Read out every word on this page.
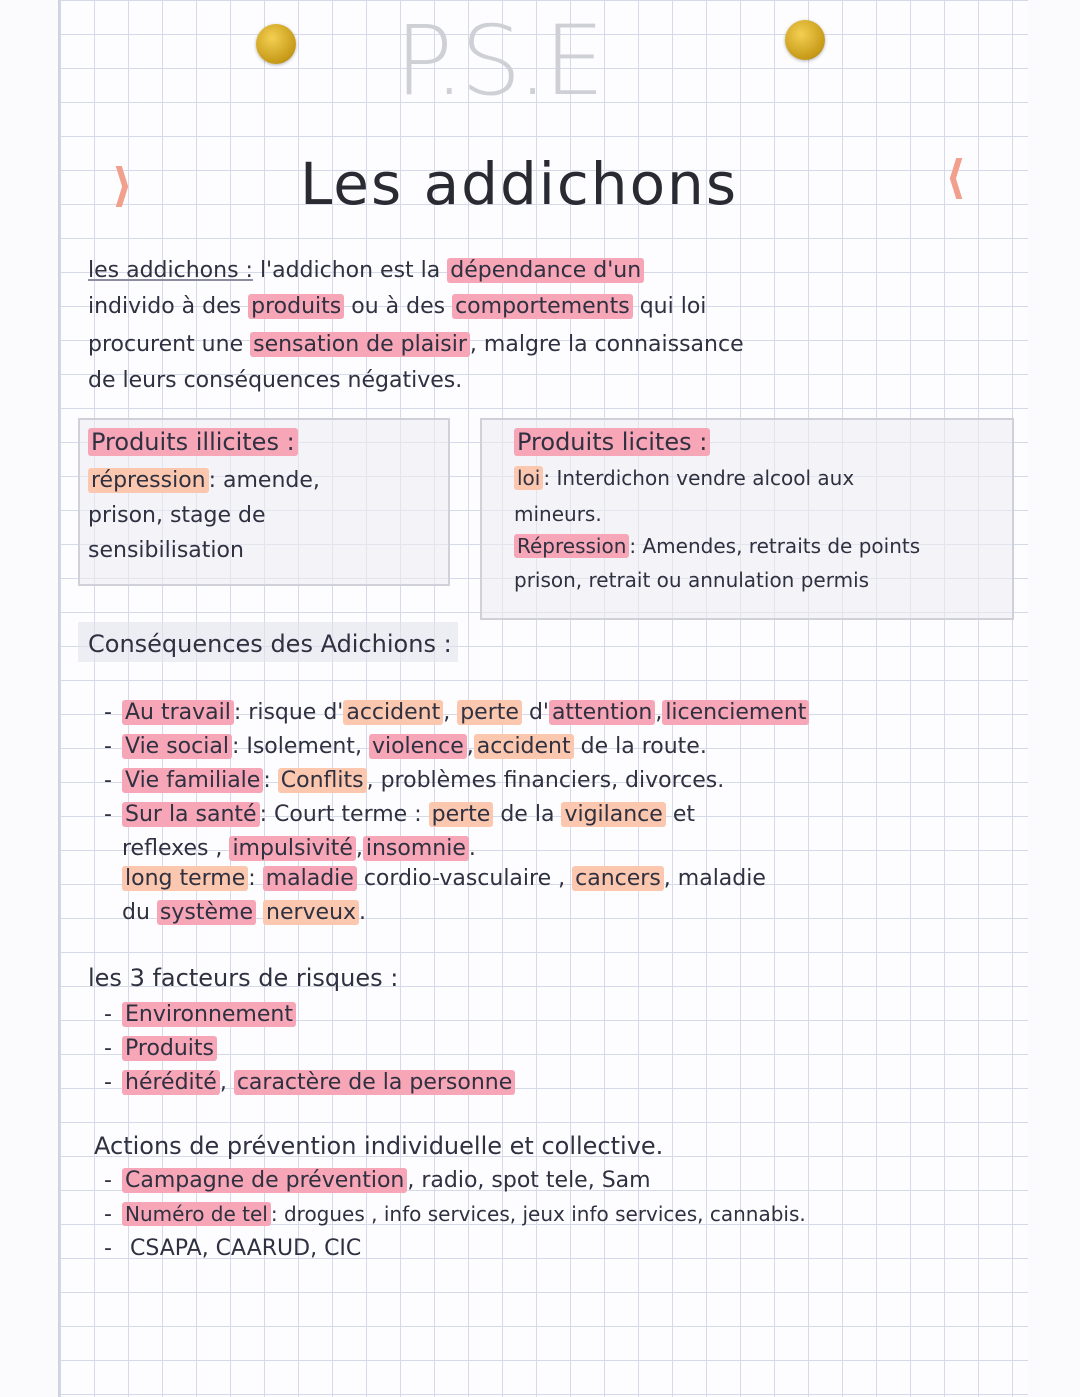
P.S.E
⟩	⟨
Les addichons
les addichons : l'addichon est la dépendance d'un
individo à des produits ou à des comportements qui loi
procurent une sensation de plaisir , malgre la connaissance
de leurs conséquences négatives.
Produits illicites :
répression : amende,
prison, stage de
sensibilisation
Produits licites :
loi : Interdichon vendre alcool aux
mineurs.
Répression : Amendes, retraits de points
prison, retrait ou annulation permis
Conséquences des Adichions :
- Au travail : risque d' accident , perte d' attention , licenciement
- Vie social : Isolement, violence , accident de la route.
- Vie familiale : Conflits , problèmes financiers, divorces.
- Sur la santé : Court terme : perte de la vigilance et
reflexes , impulsivité , insomnie .
long terme : maladie cordio-vasculaire , cancers , maladie
du système nerveux .
les 3 facteurs de risques :
- Environnement
- Produits
- hérédité , caractère de la personne
Actions de prévention individuelle et collective.
- Campagne de prévention , radio, spot tele, Sam
- Numéro de tel : drogues , info services, jeux info services, cannabis.
- CSAPA, CAARUD, CIC
